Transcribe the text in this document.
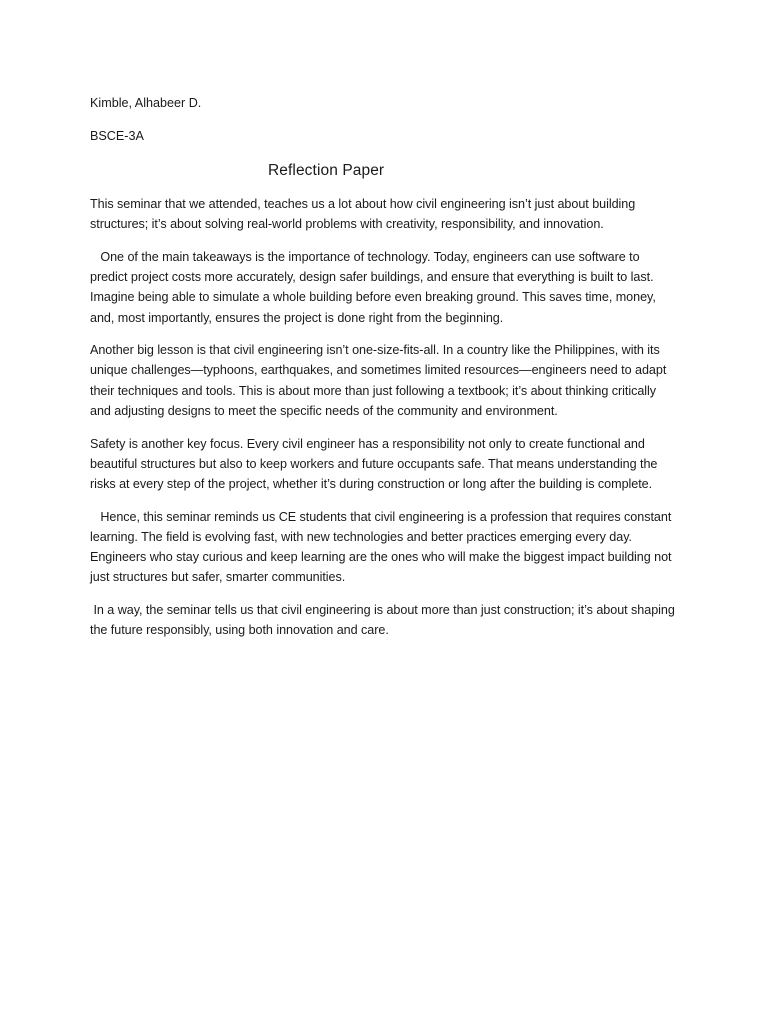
Kimble, Alhabeer D.

BSCE-3A

Reflection Paper

This seminar that we attended, teaches us a lot about how civil engineering isn’t just about building structures; it’s about solving real-world problems with creativity, responsibility, and innovation.

One of the main takeaways is the importance of technology. Today, engineers can use software to predict project costs more accurately, design safer buildings, and ensure that everything is built to last. Imagine being able to simulate a whole building before even breaking ground. This saves time, money, and, most importantly, ensures the project is done right from the beginning.

Another big lesson is that civil engineering isn’t one-size-fits-all. In a country like the Philippines, with its unique challenges—typhoons, earthquakes, and sometimes limited resources—engineers need to adapt their techniques and tools. This is about more than just following a textbook; it’s about thinking critically and adjusting designs to meet the specific needs of the community and environment.

Safety is another key focus. Every civil engineer has a responsibility not only to create functional and beautiful structures but also to keep workers and future occupants safe. That means understanding the risks at every step of the project, whether it’s during construction or long after the building is complete.

Hence, this seminar reminds us CE students that civil engineering is a profession that requires constant learning. The field is evolving fast, with new technologies and better practices emerging every day. Engineers who stay curious and keep learning are the ones who will make the biggest impact building not just structures but safer, smarter communities.

In a way, the seminar tells us that civil engineering is about more than just construction; it’s about shaping the future responsibly, using both innovation and care.
